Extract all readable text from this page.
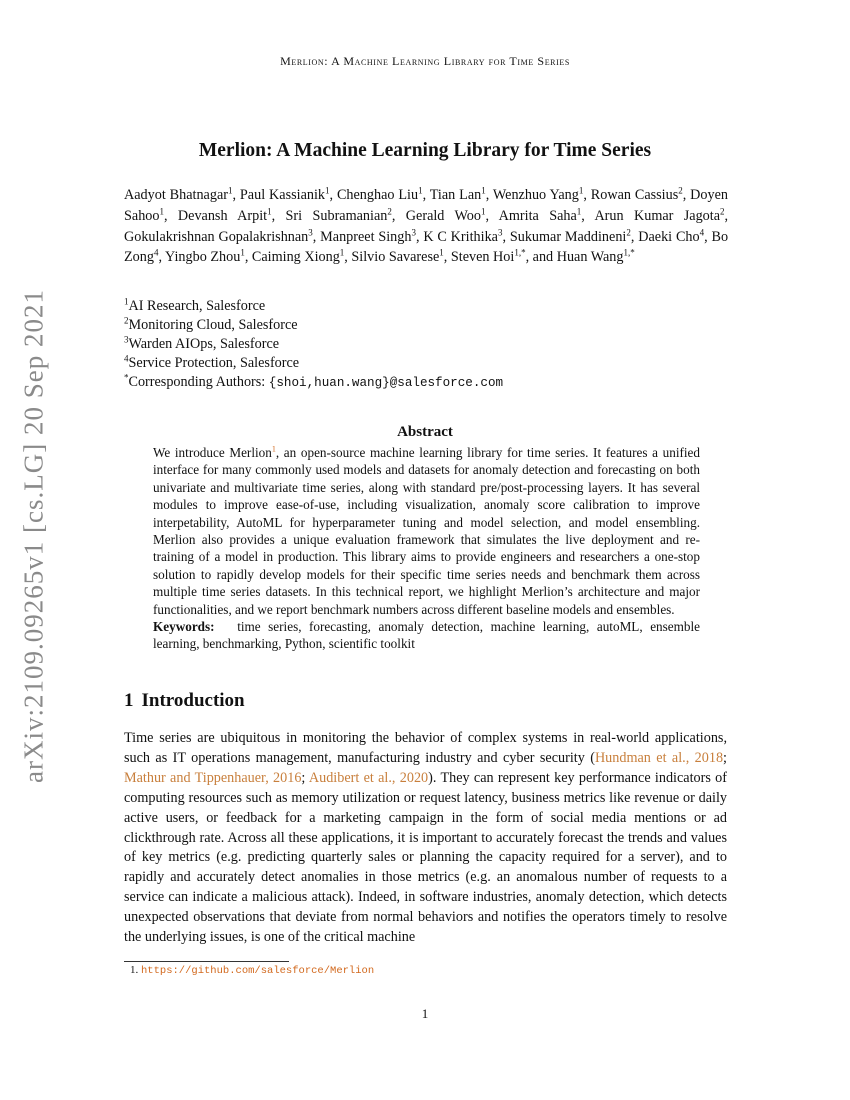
Merlion: A Machine Learning Library for Time Series
arXiv:2109.09265v1 [cs.LG] 20 Sep 2021
Merlion: A Machine Learning Library for Time Series
Aadyot Bhatnagar$^1$, Paul Kassianik$^1$, Chenghao Liu$^1$, Tian Lan$^1$, Wenzhuo Yang$^1$, Rowan Cassius$^2$, Doyen Sahoo$^1$, Devansh Arpit$^1$, Sri Subramanian$^2$, Gerald Woo$^1$, Amrita Saha$^1$, Arun Kumar Jagota$^2$, Gokulakrishnan Gopalakrishnan$^3$, Manpreet Singh$^3$, K C Krithika$^3$, Sukumar Maddineni$^2$, Daeki Cho$^4$, Bo Zong$^4$, Yingbo Zhou$^1$, Caiming Xiong$^1$, Silvio Savarese$^1$, Steven Hoi$^{1,*}$, and Huan Wang$^{1,*}$
$^1$AI Research, Salesforce
$^2$Monitoring Cloud, Salesforce
$^3$Warden AIOps, Salesforce
$^4$Service Protection, Salesforce
*Corresponding Authors: {shoi,huan.wang}@salesforce.com
Abstract

We introduce Merlion$^1$, an open-source machine learning library for time series. It features a unified interface for many commonly used models and datasets for anomaly detection and forecasting on both univariate and multivariate time series, along with standard pre/post-processing layers. It has several modules to improve ease-of-use, including visualization, anomaly score calibration to improve interpetability, AutoML for hyperparameter tuning and model selection, and model ensembling. Merlion also provides a unique evaluation framework that simulates the live deployment and re-training of a model in production. This library aims to provide engineers and researchers a one-stop solution to rapidly develop models for their specific time series needs and benchmark them across multiple time series datasets. In this technical report, we highlight Merlion’s architecture and major functionalities, and we report benchmark numbers across different baseline models and ensembles.

Keywords: time series, forecasting, anomaly detection, machine learning, autoML, ensemble learning, benchmarking, Python, scientific toolkit

1 Introduction

Time series are ubiquitous in monitoring the behavior of complex systems in real-world applications, such as IT operations management, manufacturing industry and cyber security (Hundman et al., 2018; Mathur and Tippenhauer, 2016; Audibert et al., 2020). They can represent key performance indicators of computing resources such as memory utilization or request latency, business metrics like revenue or daily active users, or feedback for a marketing campaign in the form of social media mentions or ad clickthrough rate. Across all these applications, it is important to accurately forecast the trends and values of key metrics (e.g. predicting quarterly sales or planning the capacity required for a server), and to rapidly and accurately detect anomalies in those metrics (e.g. an anomalous number of requests to a service can indicate a malicious attack). Indeed, in software industries, anomaly detection, which detects unexpected observations that deviate from normal behaviors and notifies the operators timely to resolve the underlying issues, is one of the critical machine

1. https://github.com/salesforce/Merlion
1
